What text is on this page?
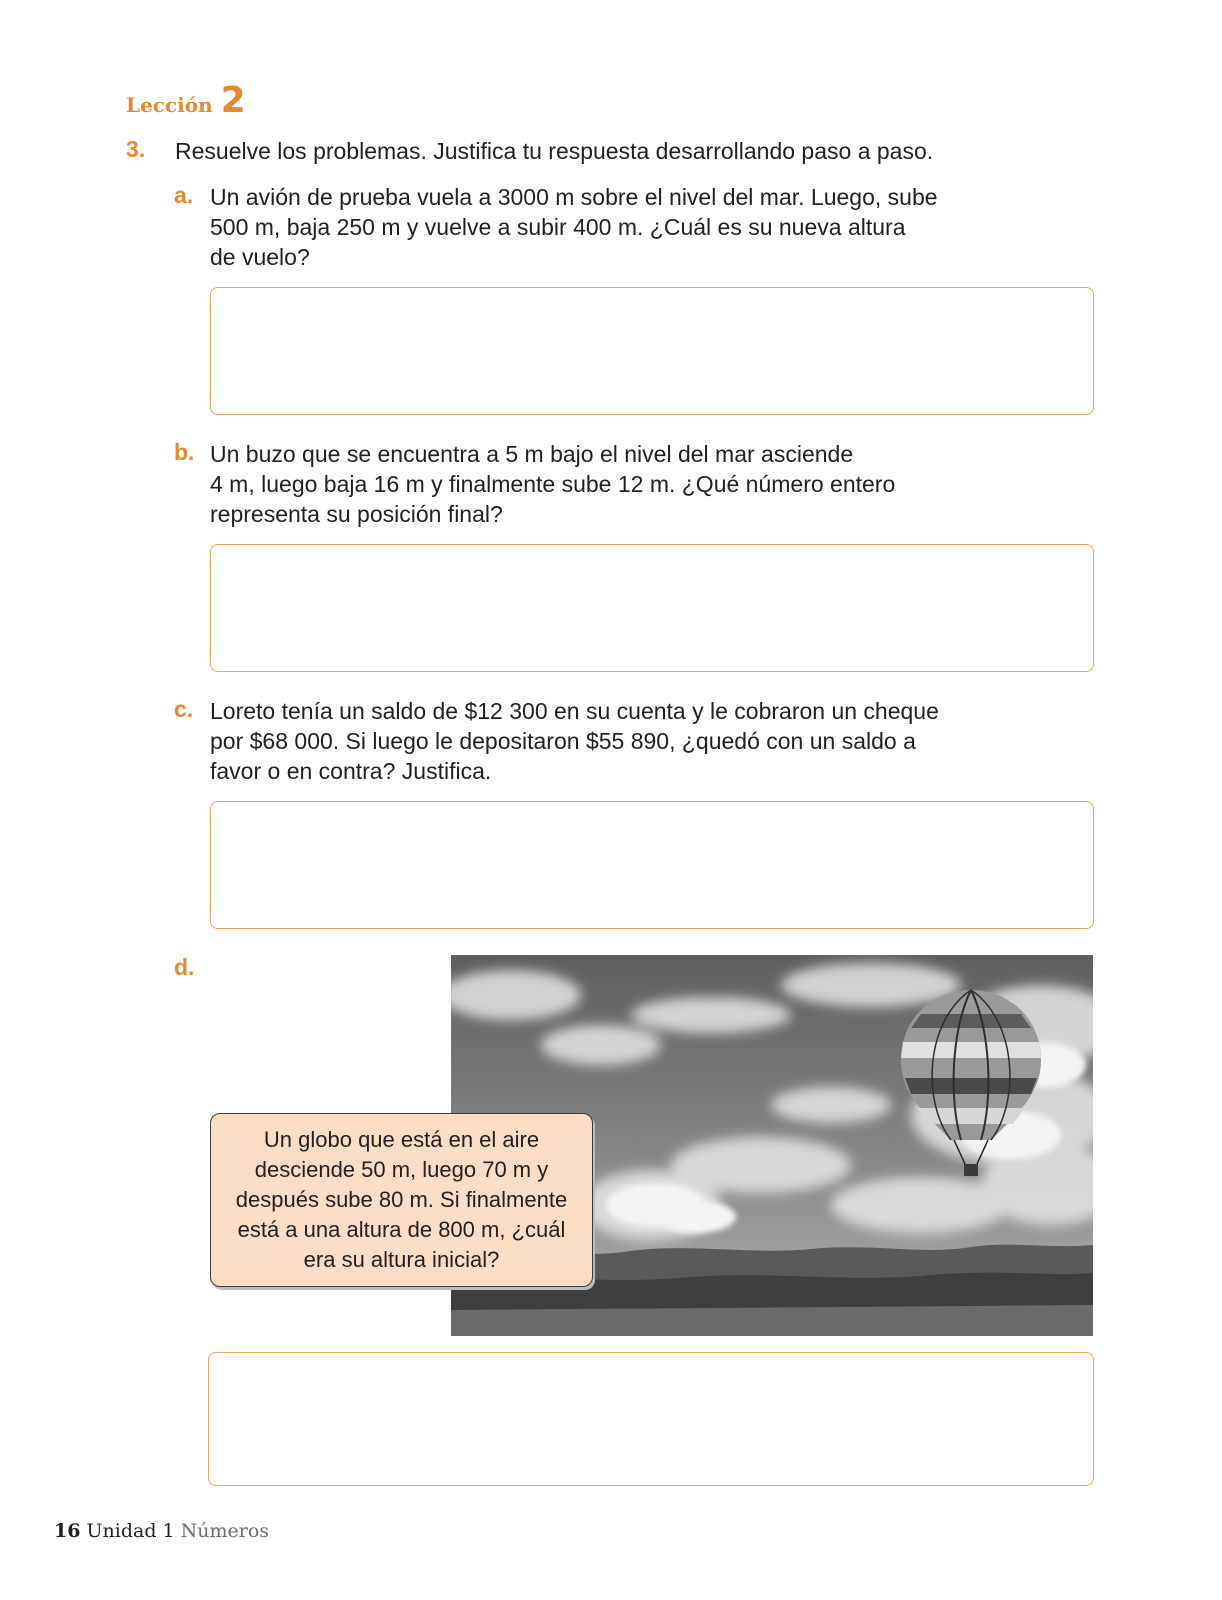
Lección 2
3. Resuelve los problemas. Justifica tu respuesta desarrollando paso a paso.
a. Un avión de prueba vuela a 3000 m sobre el nivel del mar. Luego, sube
500 m, baja 250 m y vuelve a subir 400 m. ¿Cuál es su nueva altura
de vuelo?
b. Un buzo que se encuentra a 5 m bajo el nivel del mar asciende
4 m, luego baja 16 m y finalmente sube 12 m. ¿Qué número entero
representa su posición final?
c. Loreto tenía un saldo de $12 300 en su cuenta y le cobraron un cheque
por $68 000. Si luego le depositaron $55 890, ¿quedó con un saldo a
favor o en contra? Justifica.
d.
Un globo que está en el aire
desciende 50 m, luego 70 m y
después sube 80 m. Si finalmente
está a una altura de 800 m, ¿cuál
era su altura inicial?
16 Unidad 1 Números
